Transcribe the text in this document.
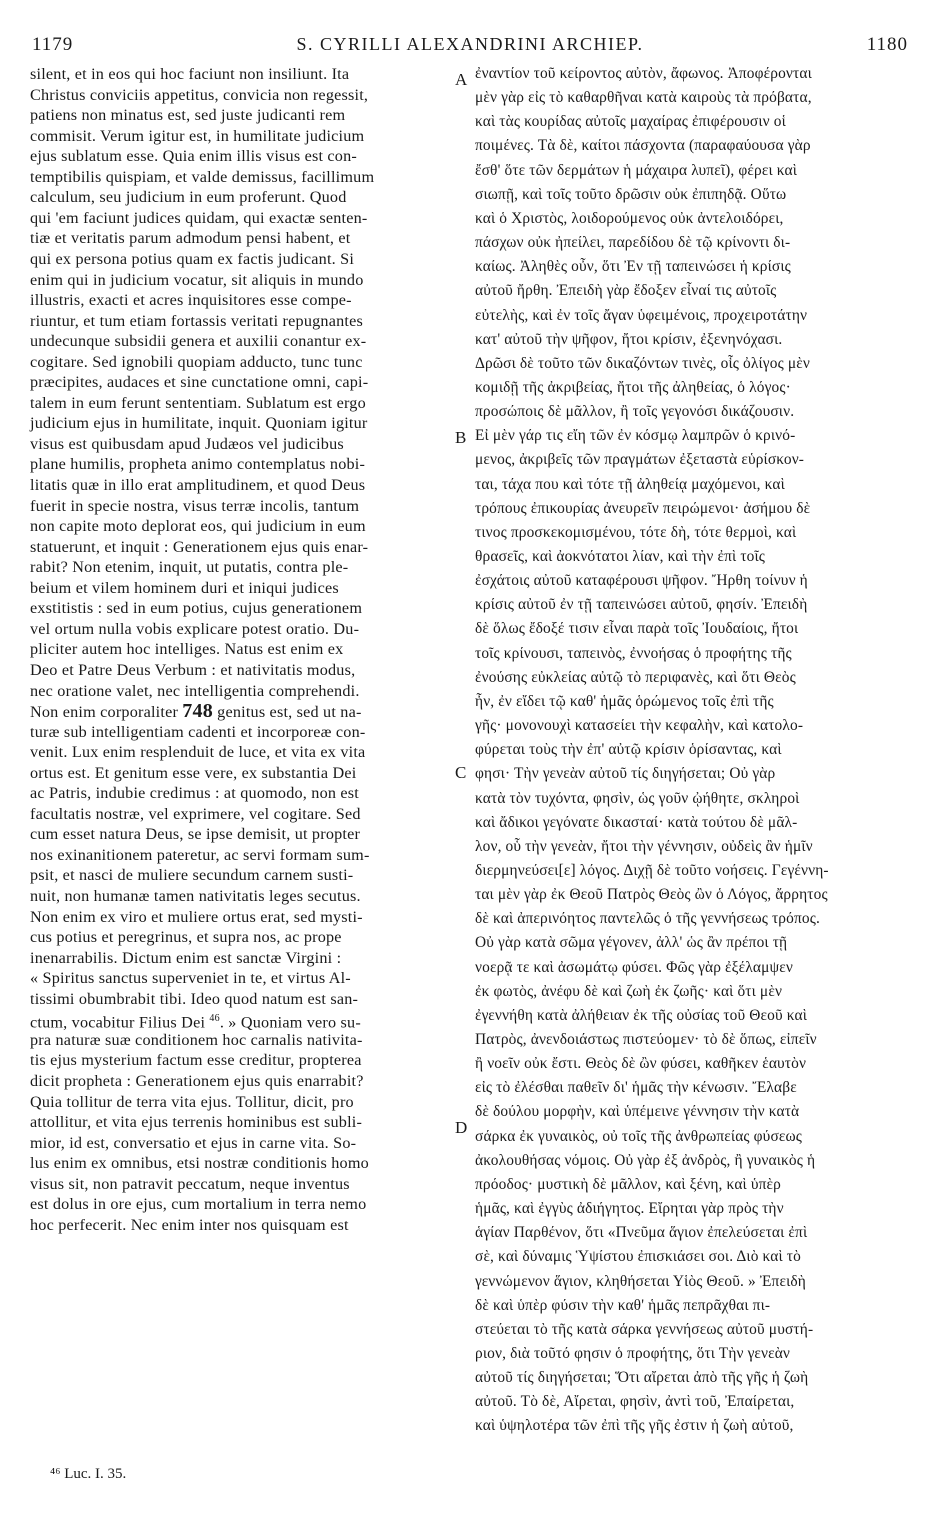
1179	S. CYRILLI ALEXANDRINI ARCHIEP.	1180
silent, et in eos qui hoc faciunt non insiliunt. Ita
Christus conviciis appetitus, convicia non regessit,
patiens non minatus est, sed juste judicanti rem
commisit. Verum igitur est, in humilitate judicium
ejus sublatum esse. Quia enim illis visus est con-
temptibilis quispiam, et valde demissus, facillimum
calculum, seu judicium in eum proferunt. Quod
qui 'em faciunt judices quidam, qui exactæ senten-
tiæ et veritatis parum admodum pensi habent, et
qui ex persona potius quam ex factis judicant. Si
enim qui in judicium vocatur, sit aliquis in mundo
illustris, exacti et acres inquisitores esse compe-
riuntur, et tum etiam fortassis veritati repugnantes
undecunque subsidii genera et auxilii conantur ex-
cogitare. Sed ignobili quopiam adducto, tunc tunc
præcipites, audaces et sine cunctatione omni, capi-
talem in eum ferunt sententiam. Sublatum est ergo
judicium ejus in humilitate, inquit. Quoniam igitur
visus est quibusdam apud Judæos vel judicibus
plane humilis, propheta animo contemplatus nobi-
litatis quæ in illo erat amplitudinem, et quod Deus
fuerit in specie nostra, visus terræ incolis, tantum
non capite moto deplorat eos, qui judicium in eum
statuerunt, et inquit : Generationem ejus quis enar-
rabit? Non etenim, inquit, ut putatis, contra ple-
beium et vilem hominem duri et iniqui judices
exstitistis : sed in eum potius, cujus generationem
vel ortum nulla vobis explicare potest oratio. Du-
pliciter autem hoc intelliges. Natus est enim ex
Deo et Patre Deus Verbum : et nativitatis modus,
nec oratione valet, nec intelligentia comprehendi.
Non enim corporaliter 748 genitus est, sed ut na-
turæ sub intelligentiam cadenti et incorporeæ con-
venit. Lux enim resplenduit de luce, et vita ex vita
ortus est. Et genitum esse vere, ex substantia Dei
ac Patris, indubie credimus : at quomodo, non est
facultatis nostræ, vel exprimere, vel cogitare. Sed
cum esset natura Deus, se ipse demisit, ut propter
nos exinanitionem pateretur, ac servi formam sum-
psit, et nasci de muliere secundum carnem susti-
nuit, non humanæ tamen nativitatis leges secutus.
Non enim ex viro et muliere ortus erat, sed mysti-
cus potius et peregrinus, et supra nos, ac prope
inenarrabilis. Dictum enim est sanctæ Virgini :
« Spiritus sanctus superveniet in te, et virtus Al-
tissimi obumbrabit tibi. Ideo quod natum est san-
ctum, vocabitur Filius Dei $^{46}$. » Quoniam vero su-
pra naturæ suæ conditionem hoc carnalis nativita-
tis ejus mysterium factum esse creditur, propterea
dicit propheta : Generationem ejus quis enarrabit?
Quia tollitur de terra vita ejus. Tollitur, dicit, pro
attollitur, et vita ejus terrenis hominibus est subli-
mior, id est, conversatio et ejus in carne vita. So-
lus enim ex omnibus, etsi nostræ conditionis homo
visus sit, non patravit peccatum, neque inventus
est dolus in ore ejus, cum mortalium in terra nemo
hoc perfecerit. Nec enim inter nos quisquam est
ἐναντίον τοῦ κείροντος αὐτὸν, ἄφωνος. Ἀποφέρονται
μὲν γὰρ εἰς τὸ καθαρθῆναι κατὰ καιροὺς τὰ πρόβατα,
καὶ τὰς κουρίδας αὐτοῖς μαχαίρας ἐπιφέρουσιν οἱ
ποιμένες. Τὰ δὲ, καίτοι πάσχοντα (παραφαύουσα γὰρ
ἔσθ' ὅτε τῶν δερμάτων ἡ μάχαιρα λυπεῖ), φέρει καὶ
σιωπῇ, καὶ τοῖς τοῦτο δρῶσιν οὐκ ἐπιπηδᾷ. Οὕτω
καὶ ὁ Χριστὸς, λοιδορούμενος οὐκ ἀντελοιδόρει,
πάσχων οὐκ ἠπείλει, παρεδίδου δὲ τῷ κρίνοντι δι-
καίως. Ἀληθὲς οὖν, ὅτι Ἐν τῇ ταπεινώσει ἡ κρίσις
αὐτοῦ ἤρθη. Ἐπειδὴ γὰρ ἔδοξεν εἶναί τις αὐτοῖς
εὐτελὴς, καὶ ἐν τοῖς ἄγαν ὑφειμένοις, προχειροτάτην
κατ' αὐτοῦ τὴν ψῆφον, ἤτοι κρίσιν, ἐξενηνόχασι.
Δρῶσι δὲ τοῦτο τῶν δικαζόντων τινὲς, οἷς ὀλίγος μὲν
κομιδῇ τῆς ἀκριβείας, ἤτοι τῆς ἀληθείας, ὁ λόγος·
προσώποις δὲ μᾶλλον, ἢ τοῖς γεγονόσι δικάζουσιν.
Εἰ μὲν γάρ τις εἴη τῶν ἐν κόσμῳ λαμπρῶν ὁ κρινό-
μενος, ἀκριβεῖς τῶν πραγμάτων ἐξεταστὰ εὑρίσκον-
ται, τάχα που καὶ τότε τῇ ἀληθείᾳ μαχόμενοι, καὶ
τρόπους ἐπικουρίας ἀνευρεῖν πειρώμενοι· ἀσήμου δὲ
τινος προσκεκομισμένου, τότε δὴ, τότε θερμοὶ, καὶ
θρασεῖς, καὶ ἀοκνότατοι λίαν, καὶ τὴν ἐπὶ τοῖς
ἐσχάτοις αὐτοῦ καταφέρουσι ψῆφον. Ἤρθη τοίνυν ἡ
κρίσις αὐτοῦ ἐν τῇ ταπεινώσει αὐτοῦ, φησίν. Ἐπειδὴ
δὲ ὅλως ἔδοξέ τισιν εἶναι παρὰ τοῖς Ἰουδαίοις, ἤτοι
τοῖς κρίνουσι, ταπεινὸς, ἐννοήσας ὁ προφήτης τῆς
ἐνούσης εὐκλείας αὐτῷ τὸ περιφανὲς, καὶ ὅτι Θεὸς
ἦν, ἐν εἴδει τῷ καθ' ἡμᾶς ὁρώμενος τοῖς ἐπὶ τῆς
γῆς· μονονουχὶ κατασείει τὴν κεφαλὴν, καὶ κατολο-
φύρεται τοὺς τὴν ἐπ' αὐτῷ κρίσιν ὁρίσαντας, καὶ
φησι· Τὴν γενεὰν αὐτοῦ τίς διηγήσεται; Οὐ γὰρ
κατὰ τὸν τυχόντα, φησὶν, ὡς γοῦν ᾠήθητε, σκληροὶ
καὶ ἄδικοι γεγόνατε δικασταί· κατὰ τούτου δὲ μᾶλ-
λον, οὗ τὴν γενεὰν, ἤτοι τὴν γέννησιν, οὐδεὶς ἂν ἡμῖν
διερμηνεύσει[ε] λόγος. Διχῇ δὲ τοῦτο νοήσεις. Γεγέννη-
ται μὲν γὰρ ἐκ Θεοῦ Πατρὸς Θεὸς ὢν ὁ Λόγος, ἄρρητος
δὲ καὶ ἀπερινόητος παντελῶς ὁ τῆς γεννήσεως τρόπος.
Οὐ γὰρ κατὰ σῶμα γέγονεν, ἀλλ' ὡς ἂν πρέποι τῇ
νοερᾷ τε καὶ ἀσωμάτῳ φύσει. Φῶς γὰρ ἐξέλαμψεν
ἐκ φωτὸς, ἀνέφυ δὲ καὶ ζωὴ ἐκ ζωῆς· καὶ ὅτι μὲν
ἐγεννήθη κατὰ ἀλήθειαν ἐκ τῆς οὐσίας τοῦ Θεοῦ καὶ
Πατρὸς, ἀνενδοιάστως πιστεύομεν· τὸ δὲ ὅπως, εἰπεῖν
ἢ νοεῖν οὐκ ἔστι. Θεὸς δὲ ὢν φύσει, καθῆκεν ἑαυτὸν
εἰς τὸ ἐλέσθαι παθεῖν δι' ἡμᾶς τὴν κένωσιν. Ἔλαβε
δὲ δούλου μορφὴν, καὶ ὑπέμεινε γέννησιν τὴν κατὰ
σάρκα ἐκ γυναικὸς, οὐ τοῖς τῆς ἀνθρωπείας φύσεως
ἀκολουθήσας νόμοις. Οὐ γὰρ ἐξ ἀνδρὸς, ἢ γυναικὸς ἡ
πρόοδος· μυστικὴ δὲ μᾶλλον, καὶ ξένη, καὶ ὑπὲρ
ἡμᾶς, καὶ ἐγγὺς ἀδιήγητος. Εἴρηται γὰρ πρὸς τὴν
ἁγίαν Παρθένον, ὅτι «Πνεῦμα ἅγιον ἐπελεύσεται ἐπὶ
σὲ, καὶ δύναμις Ὑψίστου ἐπισκιάσει σοι. Διὸ καὶ τὸ
γεννώμενον ἅγιον, κληθήσεται Υἱὸς Θεοῦ. » Ἐπειδὴ
δὲ καὶ ὑπὲρ φύσιν τὴν καθ' ἡμᾶς πεπρᾶχθαι πι-
στεύεται τὸ τῆς κατὰ σάρκα γεννήσεως αὐτοῦ μυστή-
ριον, διὰ τοῦτό φησιν ὁ προφήτης, ὅτι Τὴν γενεὰν
αὐτοῦ τίς διηγήσεται; Ὅτι αἴρεται ἀπὸ τῆς γῆς ἡ ζωὴ
αὐτοῦ. Τὸ δὲ, Αἴρεται, φησὶν, ἀντὶ τοῦ, Ἐπαίρεται,
καὶ ὑψηλοτέρα τῶν ἐπὶ τῆς γῆς ἐστιν ἡ ζωὴ αὐτοῦ,
A
B
C
D
⁴⁶ Luc. I. 35.
